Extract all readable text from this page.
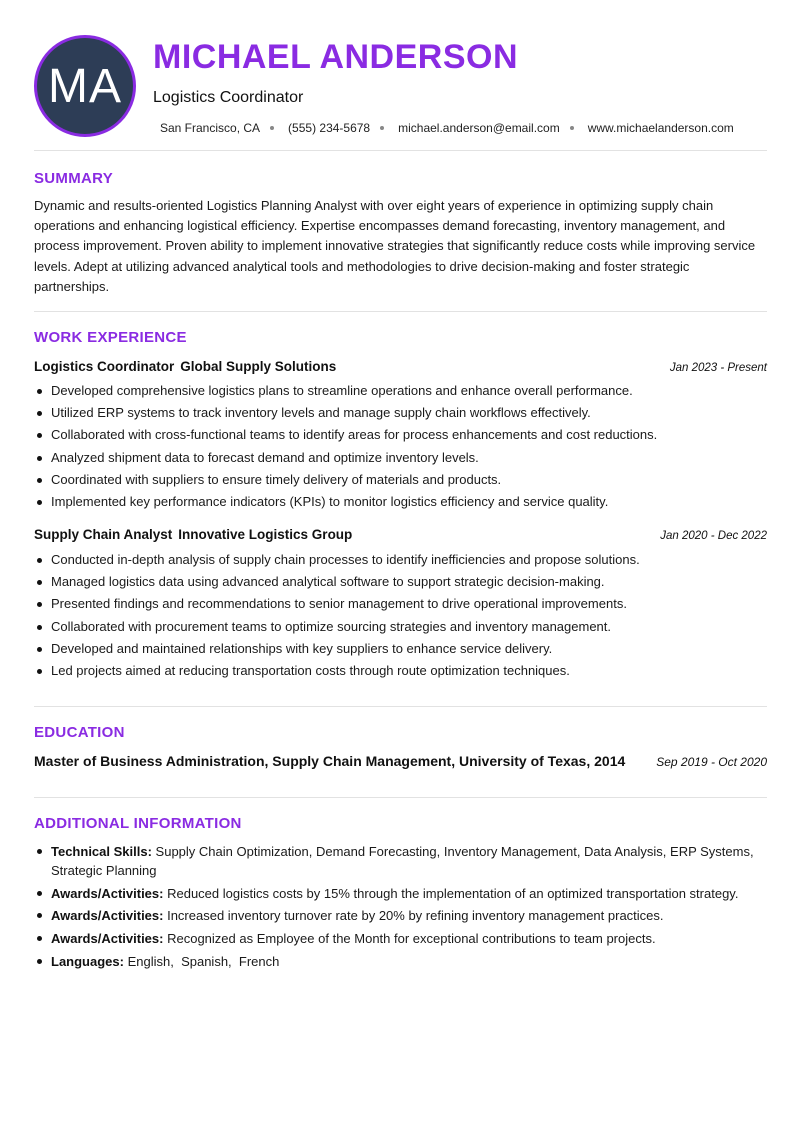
MA
MICHAEL ANDERSON
Logistics Coordinator
San Francisco, CA (555) 234-5678 michael.anderson@email.com www.michaelanderson.com
SUMMARY

Dynamic and results-oriented Logistics Planning Analyst with over eight years of experience in optimizing supply chain operations and enhancing logistical efficiency. Expertise encompasses demand forecasting, inventory management, and process improvement. Proven ability to implement innovative strategies that significantly reduce costs while improving service levels. Adept at utilizing advanced analytical tools and methodologies to drive decision-making and foster strategic partnerships.

WORK EXPERIENCE
Logistics Coordinator Global Supply Solutions	Jan 2023 - Present
Developed comprehensive logistics plans to streamline operations and enhance overall performance.
Utilized ERP systems to track inventory levels and manage supply chain workflows effectively.
Collaborated with cross-functional teams to identify areas for process enhancements and cost reductions.
Analyzed shipment data to forecast demand and optimize inventory levels.
Coordinated with suppliers to ensure timely delivery of materials and products.
Implemented key performance indicators (KPIs) to monitor logistics efficiency and service quality.
Supply Chain Analyst Innovative Logistics Group	Jan 2020 - Dec 2022
Conducted in-depth analysis of supply chain processes to identify inefficiencies and propose solutions.
Managed logistics data using advanced analytical software to support strategic decision-making.
Presented findings and recommendations to senior management to drive operational improvements.
Collaborated with procurement teams to optimize sourcing strategies and inventory management.
Developed and maintained relationships with key suppliers to enhance service delivery.
Led projects aimed at reducing transportation costs through route optimization techniques.
EDUCATION
Master of Business Administration, Supply Chain Management, University of Texas, 2014	Sep 2019 - Oct 2020
ADDITIONAL INFORMATION
Technical Skills: Supply Chain Optimization, Demand Forecasting, Inventory Management, Data Analysis, ERP Systems, Strategic Planning
Awards/Activities: Reduced logistics costs by 15% through the implementation of an optimized transportation strategy.
Awards/Activities: Increased inventory turnover rate by 20% by refining inventory management practices.
Awards/Activities: Recognized as Employee of the Month for exceptional contributions to team projects.
Languages: English,  Spanish,  French
